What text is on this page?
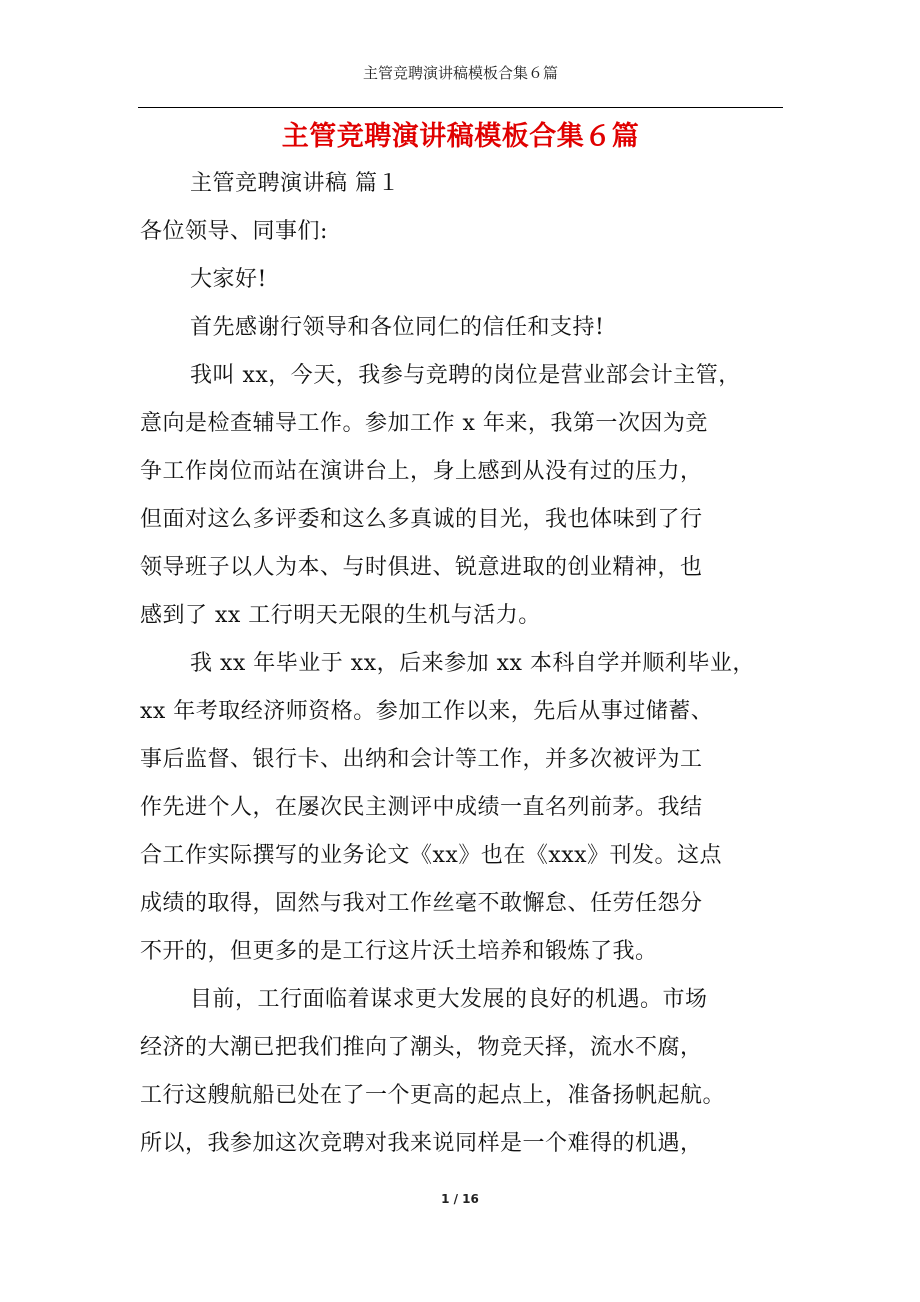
主管竞聘演讲稿模板合集６篇
主管竞聘演讲稿模板合集６篇
主管竞聘演讲稿 篇１
各位领导、同事们:
大家好!
首先感谢行领导和各位同仁的信任和支持!
我叫 xx，今天，我参与竞聘的岗位是营业部会计主管，
意向是检查辅导工作。参加工作 x 年来，我第一次因为竞
争工作岗位而站在演讲台上，身上感到从没有过的压力，
但面对这么多评委和这么多真诚的目光，我也体味到了行
领导班子以人为本、与时俱进、锐意进取的创业精神，也
感到了 xx 工行明天无限的生机与活力。
我 xx 年毕业于 xx，后来参加 xx 本科自学并顺利毕业，
xx 年考取经济师资格。参加工作以来，先后从事过储蓄、
事后监督、银行卡、出纳和会计等工作，并多次被评为工
作先进个人，在屡次民主测评中成绩一直名列前茅。我结
合工作实际撰写的业务论文《xx》也在《xxx》刊发。这点
成绩的取得，固然与我对工作丝毫不敢懈怠、任劳任怨分
不开的，但更多的是工行这片沃土培养和锻炼了我。
目前，工行面临着谋求更大发展的良好的机遇。市场
经济的大潮已把我们推向了潮头，物竞天择，流水不腐，
工行这艘航船已处在了一个更高的起点上，准备扬帆起航。
所以，我参加这次竞聘对我来说同样是一个难得的机遇，
1 / 16
